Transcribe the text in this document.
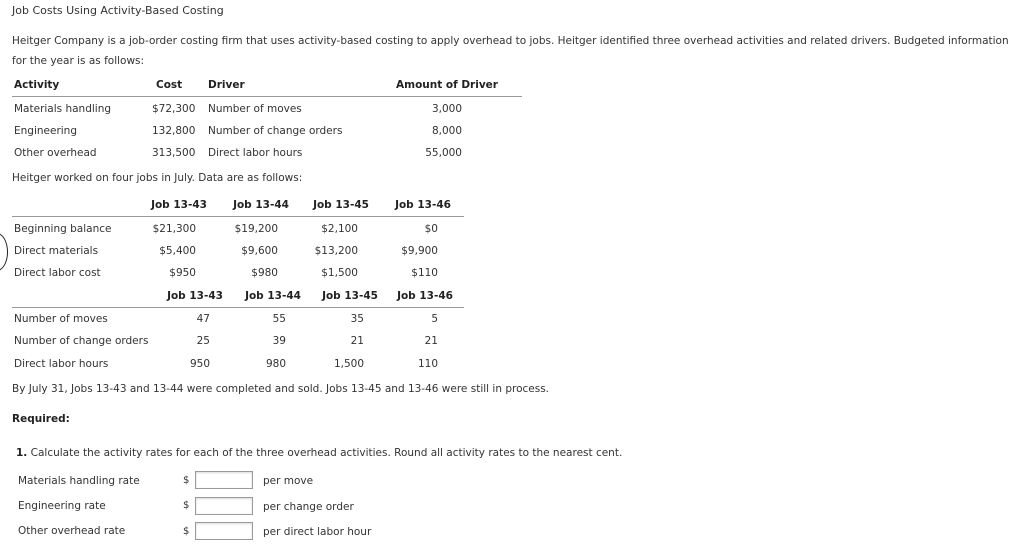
Job Costs Using Activity-Based Costing
Heitger Company is a job-order costing firm that uses activity-based costing to apply overhead to jobs. Heitger identified three overhead activities and related drivers. Budgeted information for the year is as follows:
Activity	Cost Driver	Amount of Driver
Materials handling	$72,300 Number of moves	3,000
Engineering	132,800 Number of change orders	8,000
Other overhead	313,500 Direct labor hours	55,000
Heitger worked on four jobs in July. Data are as follows:
Job 13-43	Job 13-44	Job 13-45	Job 13-46
Beginning balance	$21,300	$19,200	$2,100	$0
Direct materials	$5,400	$9,600	$13,200	$9,900
Direct labor cost	$950	$980	$1,500	$110
Job 13-43	Job 13-44	Job 13-45	Job 13-46
Number of moves	47	55	35	5
Number of change orders	25	39	21	21
Direct labor hours	950	980	1,500	110
By July 31, Jobs 13-43 and 13-44 were completed and sold. Jobs 13-45 and 13-46 were still in process.
Required:
1. Calculate the activity rates for each of the three overhead activities. Round all activity rates to the nearest cent.
Materials handling rate	$	per move
Engineering rate	$	per change order
Other overhead rate	$	per direct labor hour
